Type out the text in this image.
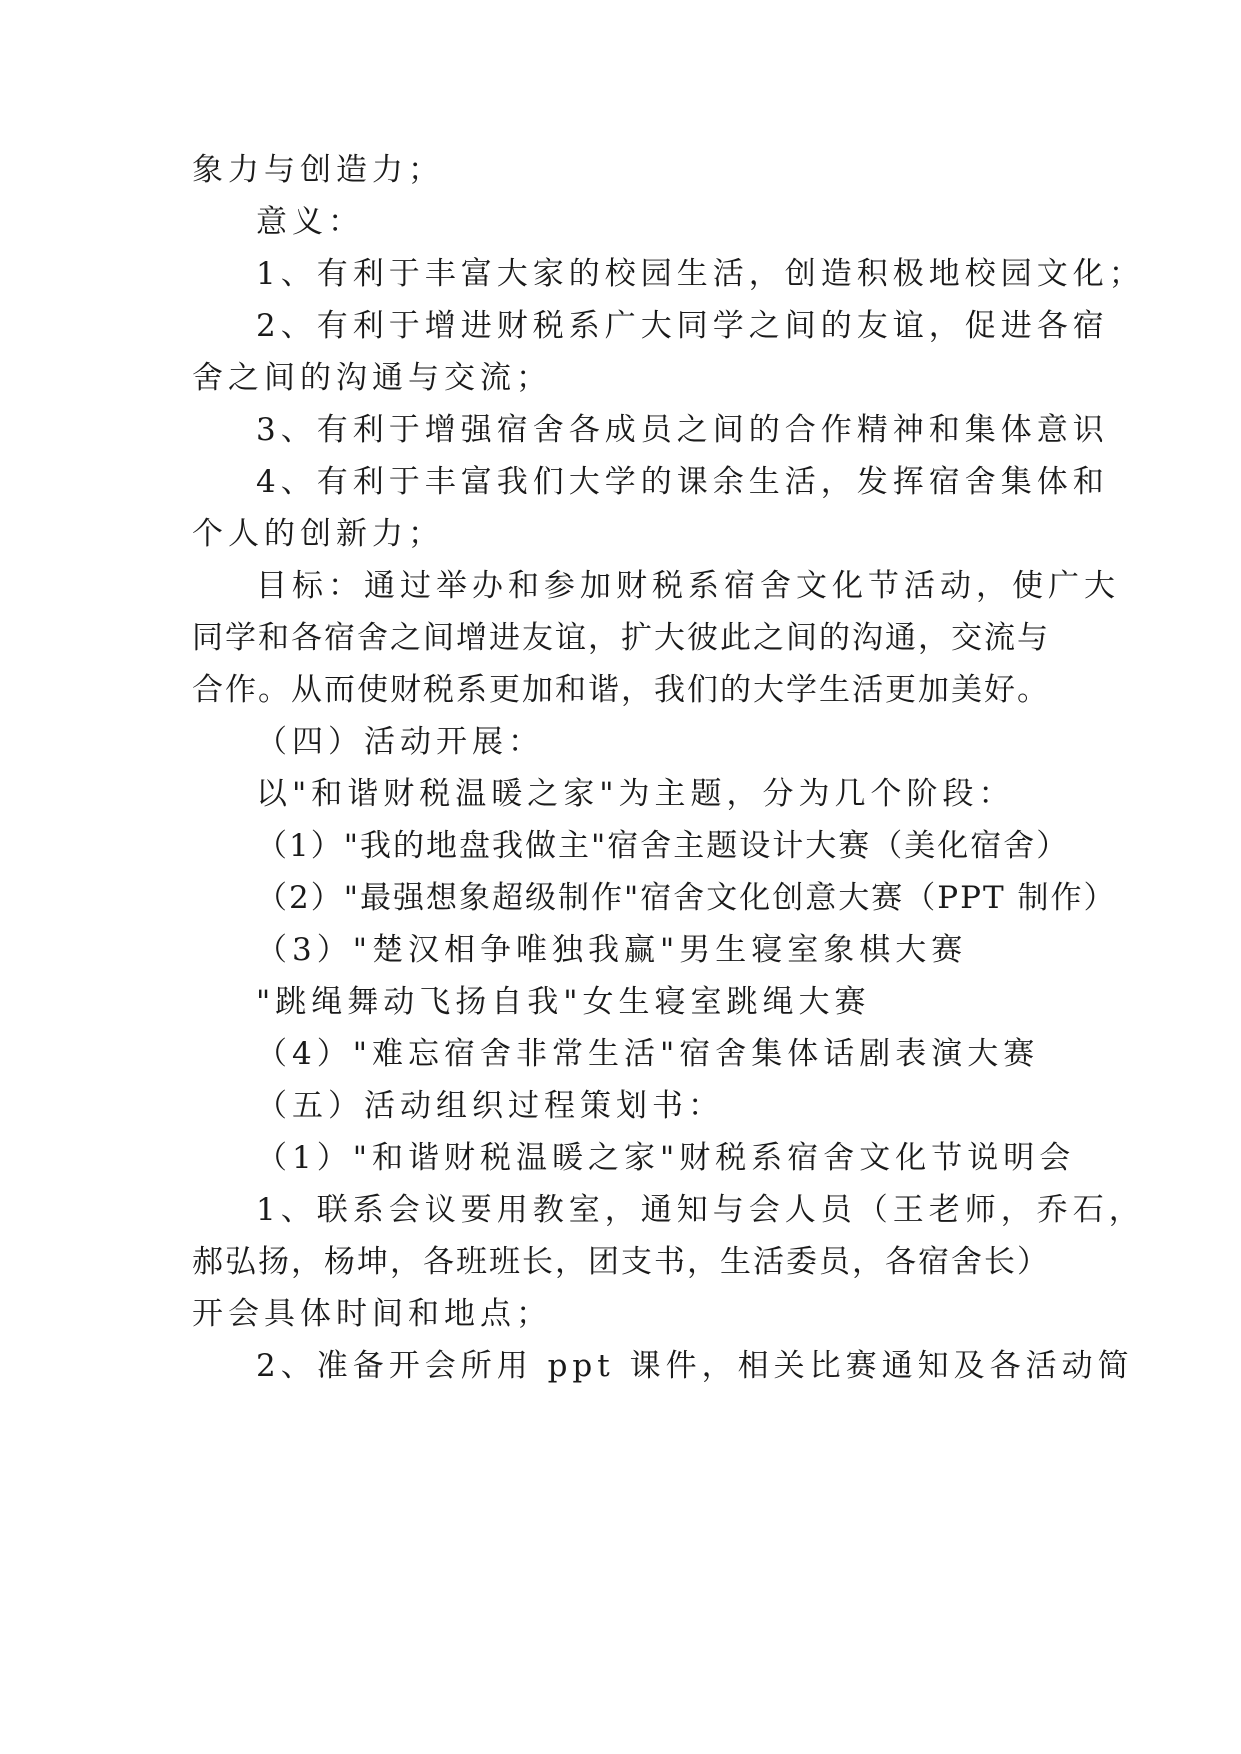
象力与创造力；
意义：
1、有利于丰富大家的校园生活，创造积极地校园文化；
2、有利于增进财税系广大同学之间的友谊，促进各宿
舍之间的沟通与交流；
3、有利于增强宿舍各成员之间的合作精神和集体意识
4、有利于丰富我们大学的课余生活，发挥宿舍集体和
个人的创新力；
目标：通过举办和参加财税系宿舍文化节活动，使广大
同学和各宿舍之间增进友谊，扩大彼此之间的沟通，交流与
合作。从而使财税系更加和谐，我们的大学生活更加美好。
（四）活动开展：
以"和谐财税温暖之家"为主题，分为几个阶段：
（1）"我的地盘我做主"宿舍主题设计大赛（美化宿舍）
（2）"最强想象超级制作"宿舍文化创意大赛（PPT 制作）
（3）"楚汉相争唯独我赢"男生寝室象棋大赛
"跳绳舞动飞扬自我"女生寝室跳绳大赛
（4）"难忘宿舍非常生活"宿舍集体话剧表演大赛
（五）活动组织过程策划书：
（1）"和谐财税温暖之家"财税系宿舍文化节说明会
1、联系会议要用教室，通知与会人员（王老师，乔石，
郝弘扬，杨坤，各班班长，团支书，生活委员，各宿舍长）
开会具体时间和地点；
2、准备开会所用 ppt 课件，相关比赛通知及各活动简
